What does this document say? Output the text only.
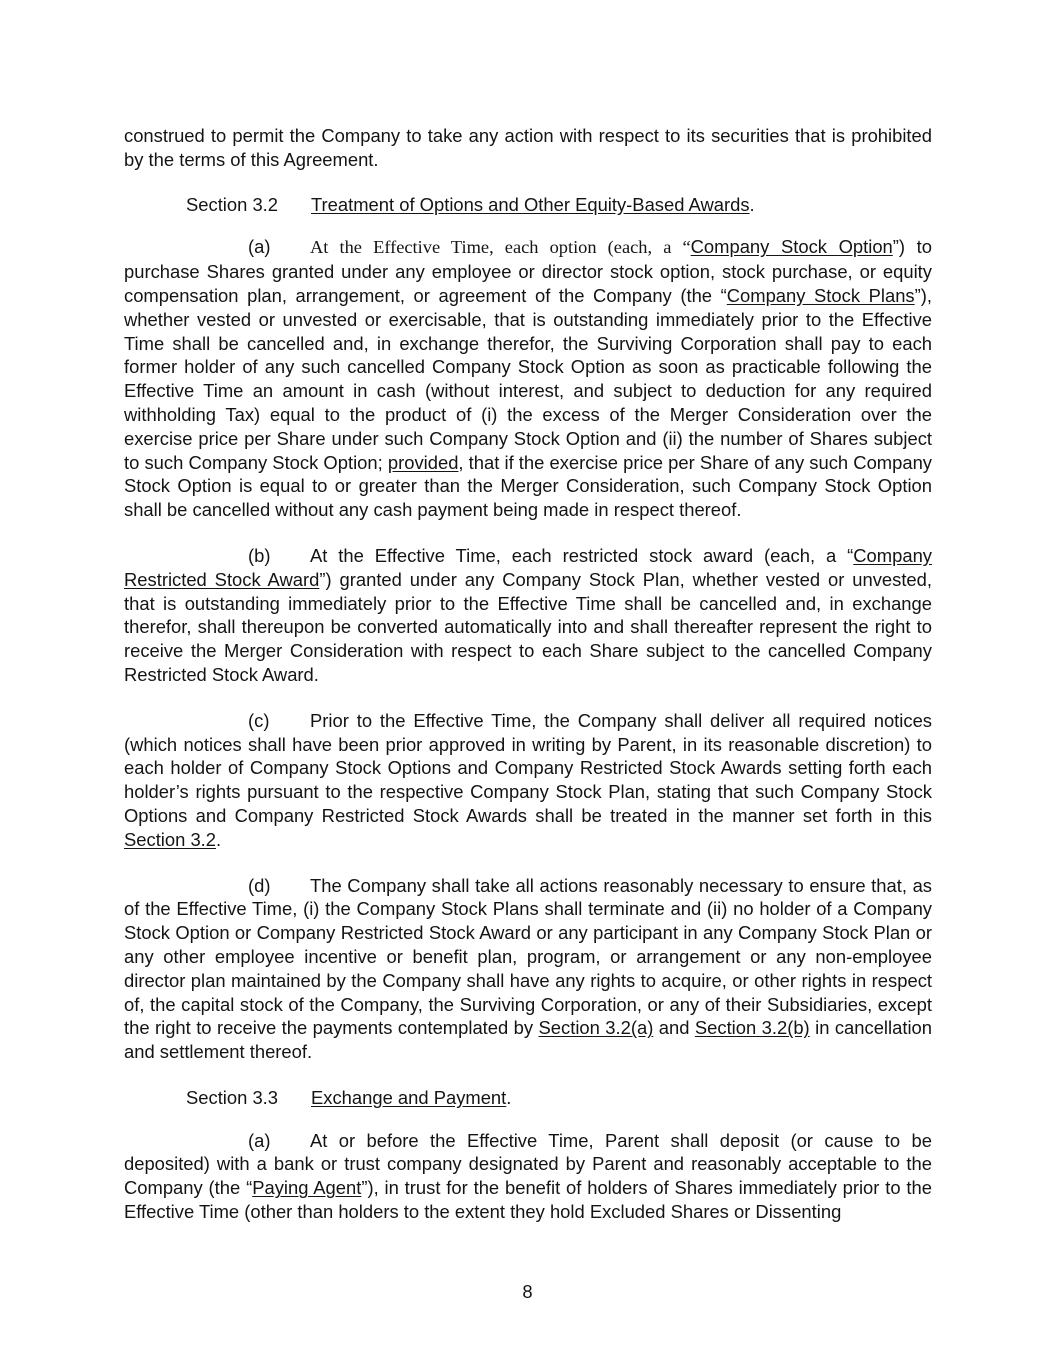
construed to permit the Company to take any action with respect to its securities that is prohibited by the terms of this Agreement.

Section 3.2 Treatment of Options and Other Equity-Based Awards.

(a) At the Effective Time, each option (each, a “Company Stock Option”) to purchase Shares granted under any employee or director stock option, stock purchase, or equity compensation plan, arrangement, or agreement of the Company (the “Company Stock Plans”), whether vested or unvested or exercisable, that is outstanding immediately prior to the Effective Time shall be cancelled and, in exchange therefor, the Surviving Corporation shall pay to each former holder of any such cancelled Company Stock Option as soon as practicable following the Effective Time an amount in cash (without interest, and subject to deduction for any required withholding Tax) equal to the product of (i) the excess of the Merger Consideration over the exercise price per Share under such Company Stock Option and (ii) the number of Shares subject to such Company Stock Option; provided, that if the exercise price per Share of any such Company Stock Option is equal to or greater than the Merger Consideration, such Company Stock Option shall be cancelled without any cash payment being made in respect thereof.

(b) At the Effective Time, each restricted stock award (each, a “Company Restricted Stock Award”) granted under any Company Stock Plan, whether vested or unvested, that is outstanding immediately prior to the Effective Time shall be cancelled and, in exchange therefor, shall thereupon be converted automatically into and shall thereafter represent the right to receive the Merger Consideration with respect to each Share subject to the cancelled Company Restricted Stock Award.

(c) Prior to the Effective Time, the Company shall deliver all required notices (which notices shall have been prior approved in writing by Parent, in its reasonable discretion) to each holder of Company Stock Options and Company Restricted Stock Awards setting forth each holder’s rights pursuant to the respective Company Stock Plan, stating that such Company Stock Options and Company Restricted Stock Awards shall be treated in the manner set forth in this Section 3.2.

(d) The Company shall take all actions reasonably necessary to ensure that, as of the Effective Time, (i) the Company Stock Plans shall terminate and (ii) no holder of a Company Stock Option or Company Restricted Stock Award or any participant in any Company Stock Plan or any other employee incentive or benefit plan, program, or arrangement or any non-employee director plan maintained by the Company shall have any rights to acquire, or other rights in respect of, the capital stock of the Company, the Surviving Corporation, or any of their Subsidiaries, except the right to receive the payments contemplated by Section 3.2(a) and Section 3.2(b) in cancellation and settlement thereof.

Section 3.3 Exchange and Payment.

(a) At or before the Effective Time, Parent shall deposit (or cause to be deposited) with a bank or trust company designated by Parent and reasonably acceptable to the Company (the “Paying Agent”), in trust for the benefit of holders of Shares immediately prior to the Effective Time (other than holders to the extent they hold Excluded Shares or Dissenting

8
